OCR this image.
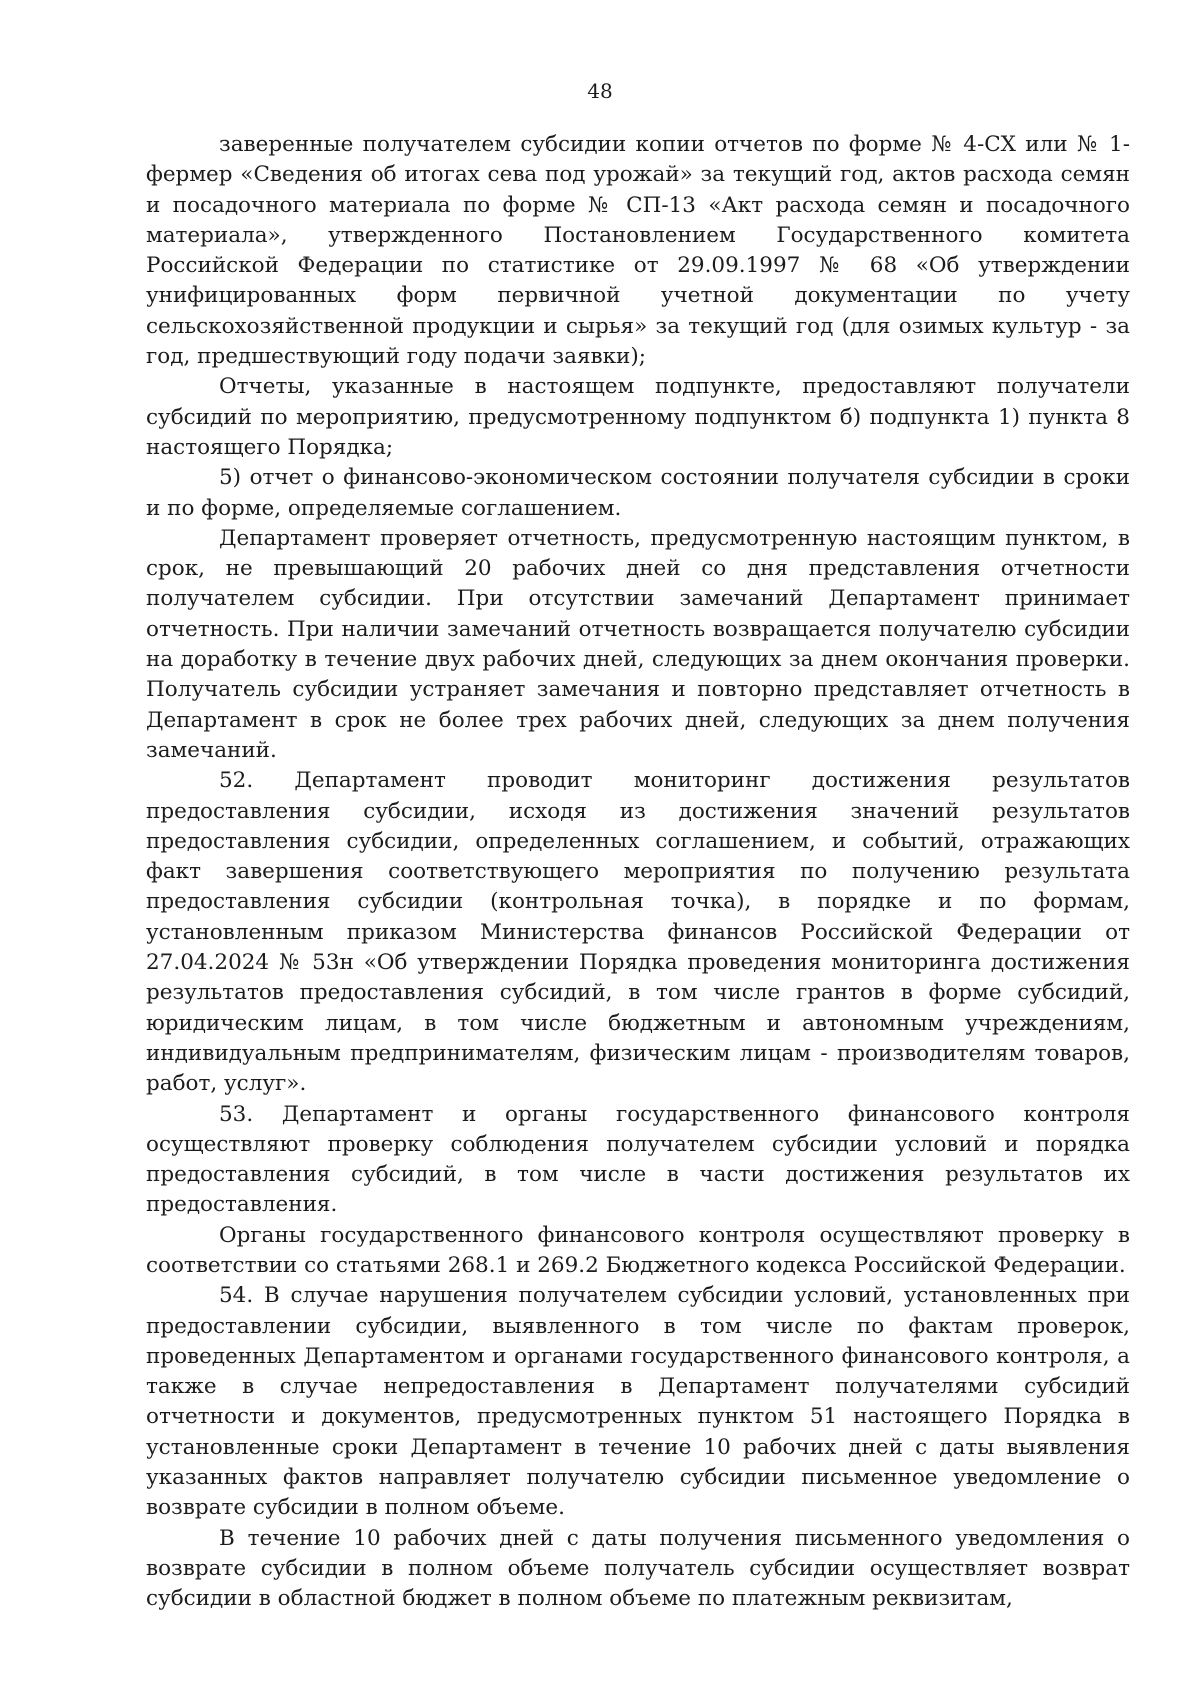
48

заверенные получателем субсидии копии отчетов по форме № 4-СХ или № 1-фермер «Сведения об итогах сева под урожай» за текущий год, актов расхода семян и посадочного материала по форме № СП-13 «Акт расхода семян и посадочного материала», утвержденного Постановлением Государственного комитета Российской Федерации по статистике от 29.09.1997 № 68 «Об утверждении унифицированных форм первичной учетной документации по учету сельскохозяйственной продукции и сырья» за текущий год (для озимых культур - за год, предшествующий году подачи заявки);

Отчеты, указанные в настоящем подпункте, предоставляют получатели субсидий по мероприятию, предусмотренному подпунктом б) подпункта 1) пункта 8 настоящего Порядка;

5) отчет о финансово-экономическом состоянии получателя субсидии в сроки и по форме, определяемые соглашением.

Департамент проверяет отчетность, предусмотренную настоящим пунктом, в срок, не превышающий 20 рабочих дней со дня представления отчетности получателем субсидии. При отсутствии замечаний Департамент принимает отчетность. При наличии замечаний отчетность возвращается получателю субсидии на доработку в течение двух рабочих дней, следующих за днем окончания проверки. Получатель субсидии устраняет замечания и повторно представляет отчетность в Департамент в срок не более трех рабочих дней, следующих за днем получения замечаний.

52. Департамент проводит мониторинг достижения результатов предоставления субсидии, исходя из достижения значений результатов предоставления субсидии, определенных соглашением, и событий, отражающих факт завершения соответствующего мероприятия по получению результата предоставления субсидии (контрольная точка), в порядке и по формам, установленным приказом Министерства финансов Российской Федерации от 27.04.2024 № 53н «Об утверждении Порядка проведения мониторинга достижения результатов предоставления субсидий, в том числе грантов в форме субсидий, юридическим лицам, в том числе бюджетным и автономным учреждениям, индивидуальным предпринимателям, физическим лицам - производителям товаров, работ, услуг».

53. Департамент и органы государственного финансового контроля осуществляют проверку соблюдения получателем субсидии условий и порядка предоставления субсидий, в том числе в части достижения результатов их предоставления.

Органы государственного финансового контроля осуществляют проверку в соответствии со статьями 268.1 и 269.2 Бюджетного кодекса Российской Федерации.

54. В случае нарушения получателем субсидии условий, установленных при предоставлении субсидии, выявленного в том числе по фактам проверок, проведенных Департаментом и органами государственного финансового контроля, а также в случае непредоставления в Департамент получателями субсидий отчетности и документов, предусмотренных пунктом 51 настоящего Порядка в установленные сроки Департамент в течение 10 рабочих дней с даты выявления указанных фактов направляет получателю субсидии письменное уведомление о возврате субсидии в полном объеме.

В течение 10 рабочих дней с даты получения письменного уведомления о возврате субсидии в полном объеме получатель субсидии осуществляет возврат субсидии в областной бюджет в полном объеме по платежным реквизитам,
